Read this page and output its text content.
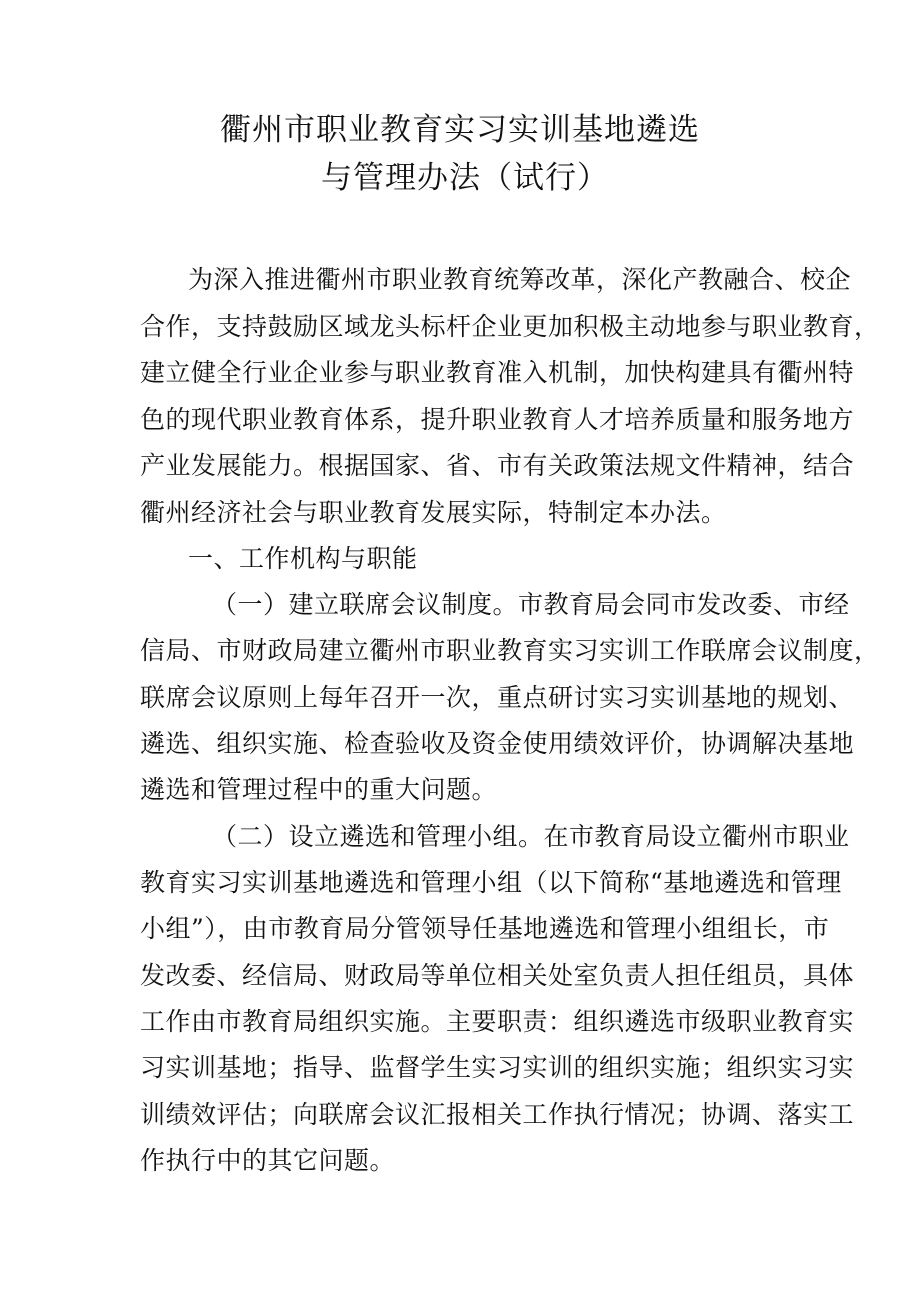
衢州市职业教育实习实训基地遴选
与管理办法（试行）
为深入推进衢州市职业教育统筹改革，深化产教融合、校企
合作，支持鼓励区域龙头标杆企业更加积极主动地参与职业教育，
建立健全行业企业参与职业教育准入机制，加快构建具有衢州特
色的现代职业教育体系，提升职业教育人才培养质量和服务地方
产业发展能力。根据国家、省、市有关政策法规文件精神，结合
衢州经济社会与职业教育发展实际，特制定本办法。
一、工作机构与职能
（一）建立联席会议制度。市教育局会同市发改委、市经
信局、市财政局建立衢州市职业教育实习实训工作联席会议制度，
联席会议原则上每年召开一次，重点研讨实习实训基地的规划、
遴选、组织实施、检查验收及资金使用绩效评价，协调解决基地
遴选和管理过程中的重大问题。
（二）设立遴选和管理小组。在市教育局设立衢州市职业
教育实习实训基地遴选和管理小组（以下简称“基地遴选和管理
小组”），由市教育局分管领导任基地遴选和管理小组组长，市
发改委、经信局、财政局等单位相关处室负责人担任组员，具体
工作由市教育局组织实施。主要职责：组织遴选市级职业教育实
习实训基地；指导、监督学生实习实训的组织实施；组织实习实
训绩效评估；向联席会议汇报相关工作执行情况；协调、落实工
作执行中的其它问题。
